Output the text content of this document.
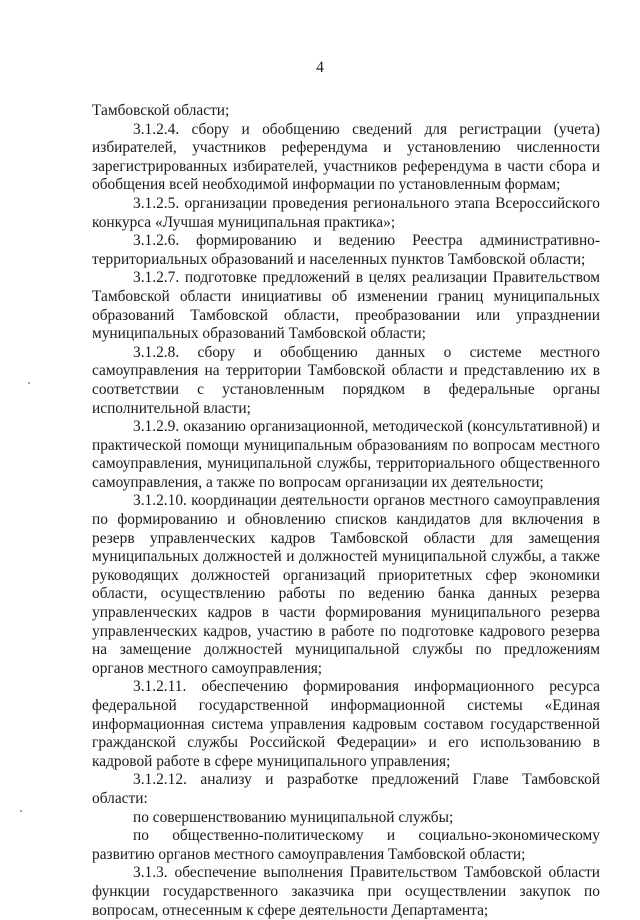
4

Тамбовской области;

3.1.2.4. сбору и обобщению сведений для регистрации (учета) избирателей, участников референдума и установлению численности зарегистрированных избирателей, участников референдума в части сбора и обобщения всей необходимой информации по установленным формам;

3.1.2.5. организации проведения регионального этапа Всероссийского конкурса «Лучшая муниципальная практика»;

3.1.2.6. формированию и ведению Реестра административно-территориальных образований и населенных пунктов Тамбовской области;

3.1.2.7. подготовке предложений в целях реализации Правительством Тамбовской области инициативы об изменении границ муниципальных образований Тамбовской области, преобразовании или упразднении муниципальных образований Тамбовской области;

3.1.2.8. сбору и обобщению данных о системе местного самоуправления на территории Тамбовской области и представлению их в соответствии с установленным порядком в федеральные органы исполнительной власти;

3.1.2.9. оказанию организационной, методической (консультативной) и практической помощи муниципальным образованиям по вопросам местного самоуправления, муниципальной службы, территориального общественного самоуправления, а также по вопросам организации их деятельности;

3.1.2.10. координации деятельности органов местного самоуправления по формированию и обновлению списков кандидатов для включения в резерв управленческих кадров Тамбовской области для замещения муниципальных должностей и должностей муниципальной службы, а также руководящих должностей организаций приоритетных сфер экономики области, осуществлению работы по ведению банка данных резерва управленческих кадров в части формирования муниципального резерва управленческих кадров, участию в работе по подготовке кадрового резерва на замещение должностей муниципальной службы по предложениям органов местного самоуправления;

3.1.2.11. обеспечению формирования информационного ресурса федеральной государственной информационной системы «Единая информационная система управления кадровым составом государственной гражданской службы Российской Федерации» и его использованию в кадровой работе в сфере муниципального управления;

3.1.2.12. анализу и разработке предложений Главе Тамбовской области:

по совершенствованию муниципальной службы;

по общественно-политическому и социально-экономическому развитию органов местного самоуправления Тамбовской области;

3.1.3. обеспечение выполнения Правительством Тамбовской области функции государственного заказчика при осуществлении закупок по вопросам, отнесенным к сфере деятельности Департамента;
